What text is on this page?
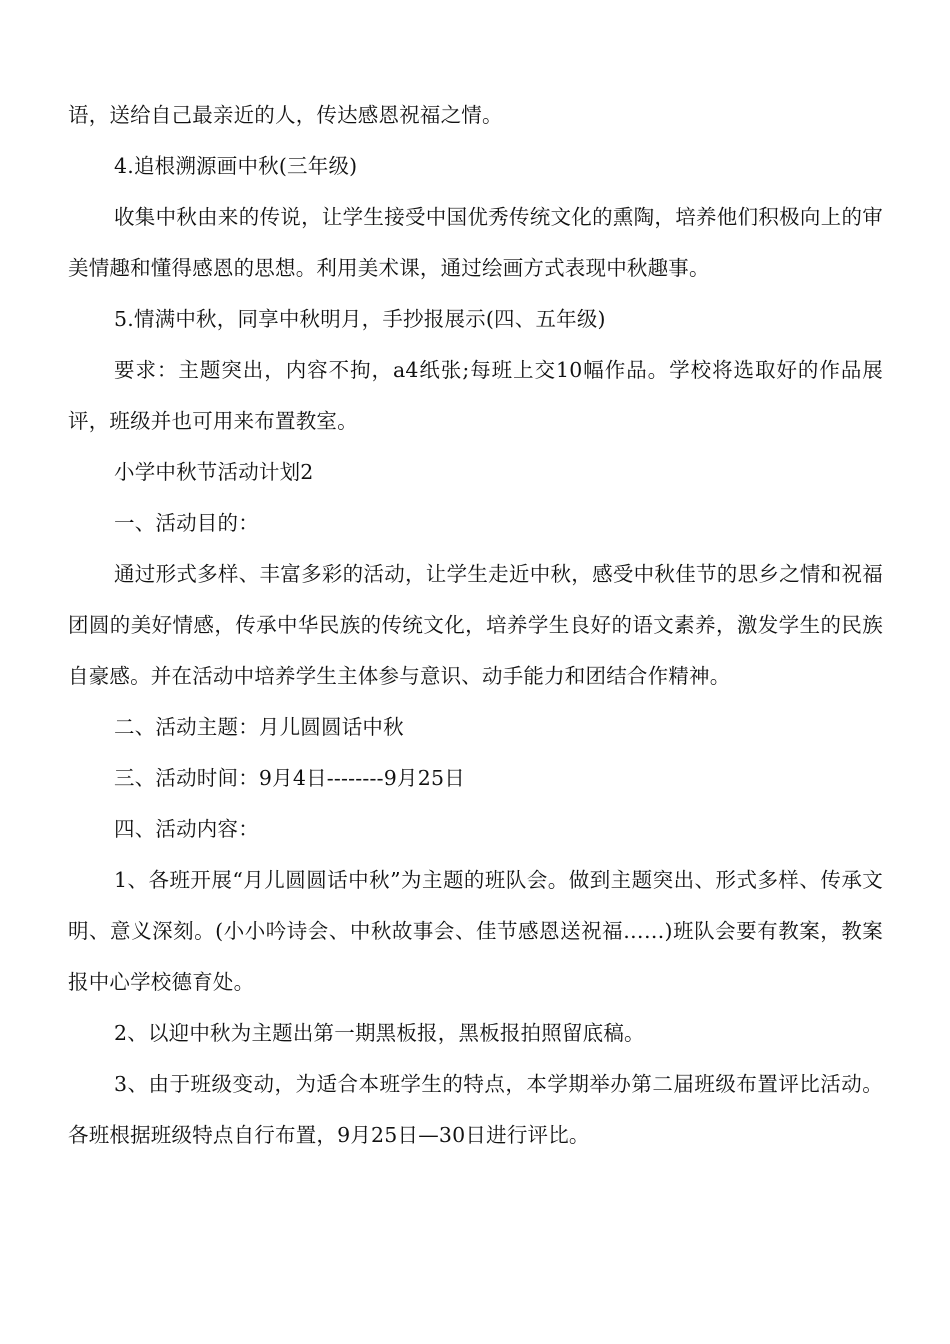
语，送给自己最亲近的人，传达感恩祝福之情。

4.追根溯源画中秋(三年级)

收集中秋由来的传说，让学生接受中国优秀传统文化的熏陶，培养他们积极向上的审美情趣和懂得感恩的思想。利用美术课，通过绘画方式表现中秋趣事。

5.情满中秋，同享中秋明月，手抄报展示(四、五年级)

要求：主题突出，内容不拘，a4纸张;每班上交10幅作品。学校将选取好的作品展评，班级并也可用来布置教室。

小学中秋节活动计划2

一、活动目的：

通过形式多样、丰富多彩的活动，让学生走近中秋，感受中秋佳节的思乡之情和祝福团圆的美好情感，传承中华民族的传统文化，培养学生良好的语文素养，激发学生的民族自豪感。并在活动中培养学生主体参与意识、动手能力和团结合作精神。

二、活动主题：月儿圆圆话中秋

三、活动时间：9月4日--------9月25日

四、活动内容：

1、各班开展“月儿圆圆话中秋”为主题的班队会。做到主题突出、形式多样、传承文明、意义深刻。(小小吟诗会、中秋故事会、佳节感恩送祝福……)班队会要有教案，教案报中心学校德育处。

2、以迎中秋为主题出第一期黑板报，黑板报拍照留底稿。

3、由于班级变动，为适合本班学生的特点，本学期举办第二届班级布置评比活动。各班根据班级特点自行布置，9月25日—30日进行评比。
